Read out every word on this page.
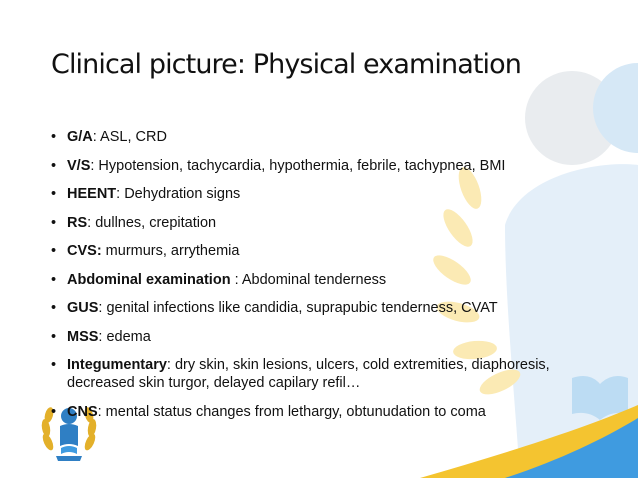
Clinical picture: Physical examination
• G/A: ASL, CRD
• V/S: Hypotension, tachycardia, hypothermia, febrile, tachypnea, BMI
• HEENT: Dehydration signs
• RS: dullnes, crepitation
• CVS: murmurs, arrythemia
• Abdominal examination : Abdominal tenderness
• GUS: genital infections like candidia, suprapubic tenderness, CVAT
• MSS: edema
• Integumentary: dry skin, skin lesions, ulcers, cold extremities, diaphoresis, decreased skin turgor, delayed capilary refil…
• CNS: mental status changes from lethargy, obtunudation to coma
